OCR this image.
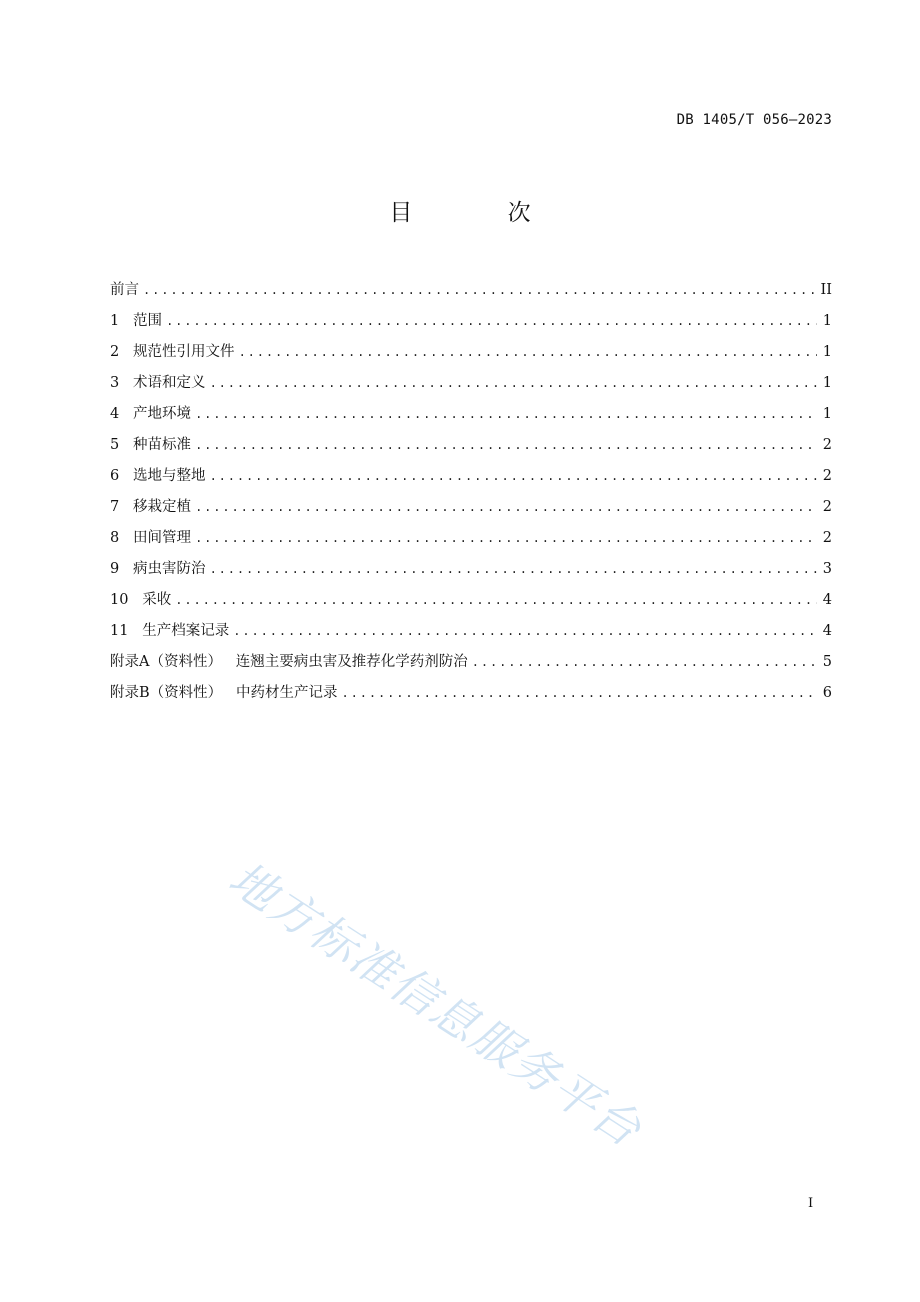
DB 1405/T 056—2023
目 次
前言 .....	II
1   范围 .....	1
2   规范性引用文件 .....	1
3   术语和定义 .....	1
4   产地环境 .....	1
5   种苗标准 .....	2
6   选地与整地 .....	2
7   移栽定植 .....	2
8   田间管理 .....	2
9   病虫害防治 .....	3
10   采收 .....	4
11   生产档案记录 .....	4
附录A（资料性）   连翘主要病虫害及推荐化学药剂防治 .....	5
附录B（资料性）   中药材生产记录 .....	6
地方标准信息服务平台
I
